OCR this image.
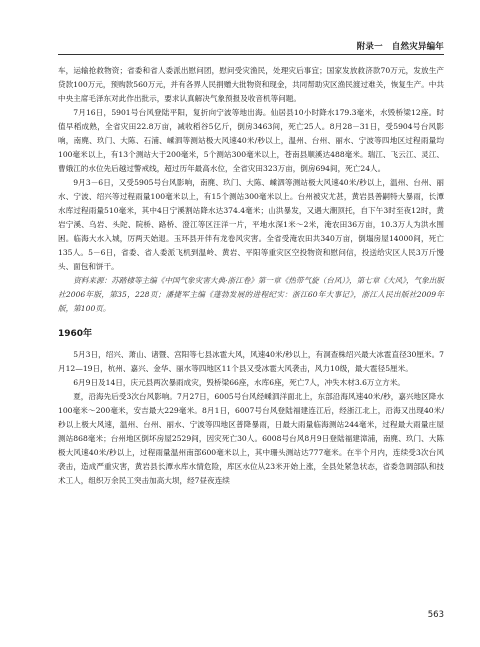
附录一 自然灾异编年

车，运输抢救物资；省委和省人委派出慰问团，慰问受灾渔民，处理灾后事宜；国家发放救济款70万元，发放生产贷款100万元，预购款560万元，并有各界人民捐赠大批物资和现金，共同帮助灾区渔民渡过难关，恢复生产。中共中央主席毛泽东对此作出批示，要求认真解决气象预报及收音机等问题。

7月16日，5901号台风登陆平阳，复折向宁波等地出海。仙居县10小时降水179.3毫米，水毁桥梁12座。时值早稻成熟，全省灾田22.8万亩，减收稻谷5亿斤，倒房3463间，死亡25人。8月28－31日，受5904号台风影响，南麂、玖门、大陈、石浦、嵊泗等测站极大风速40米/秒以上，温州、台州、丽水、宁波等四地区过程雨量均100毫米以上，有13个测站大于200毫米，5个测站300毫米以上，苍南县顺溪达488毫米。瑞江、飞云江、灵江、曹娥江的水位先后越过警戒线，超过历年最高水位，全省灾田323万亩，倒房694间，死亡24人。

9月3－6日，又受5905号台风影响，南麂、玖门、大陈、嵊泗等测站极大风速40米/秒以上，温州、台州、丽水、宁波、绍兴等过程雨量100毫米以上，有15个测站300毫米以上。台州被灾尤甚，黄岩县善嗣特大暴雨，长潭水库过程雨量510毫米，其中4日宁溪割站降水达374.4毫米；山洪暴发，又遇大潮顶托，自下午3时至夜12时，黄岩宁溪、乌岩、头陀、院桥、路桥、澄江等区汪洋一片，平地水深1米～2米，淹农田36万亩，10.3万人为洪水围困。临海大水入城，厉两天始退。玉环县开伴有龙卷风灾害。全省受淹农田共340万亩，倒塌房屋14000间，死亡135人。5－6日，省委、省人委派飞机到温岭、黄岩、平阳等重灾区空投物资和慰问信，投送给灾区人民3万斤馒头、面包和饼干。

资料来源：苏踏棣等主编《中国气象灾害大典·浙江卷》第一章《热带气旋（台风）》，第七章《大风》，气象出版社2006年版，第35，228页；潘捷军主编《蓬勃发展的进程纪实：浙江60年大事记》，浙江人民出版社2009年版，第100页。

1960年

5月3日，绍兴、萧山、诸暨、宫阳等七县冰雹大风，风速40米/秒以上，有洞查株绍兴最大冰雹直径30厘米。7月12—19日，杭州、嘉兴、金华、丽水等四地区11个县又受冰雹大风袭击，风力10级，最大雹径5厘米。

6月9日及14日，庆元县两次暴雨成灾，毁桥梁66座，水库6座，死亡7人，冲失木材3.6万立方米。

夏，沿海先后受3次台风影响。7月27日，6005号台风经嵊泗洋面北上，东部沿海风速40米/秒，嘉兴地区降水100毫米～200毫米，安吉最大229毫米。8月1日，6007号台风登陆福建连江后，经浙江北上，沿海又出现40米/秒以上极大风速，温州、台州、丽水、宁波等四地区普降暴雨，日最大雨量临海测站244毫米，过程最大雨量庄屋测站868毫米；台州地区倒坏房屋2529间，因灾死亡30人。6008号台风8月9日登陆福建漳浦，南麂、玖门、大陈极大风速40米/秒以上，过程雨量温州南部600毫米以上，其中珊头测站达777毫米。在半个月内，连续受3次台风袭击，造成严重灾害，黄岩县长潭水库水情危险，库区水位从23米开始上涨，全县处紧急状态，省委急调部队和技术工人，组织万余民工突击加高大坝，经7昼夜连续

563
